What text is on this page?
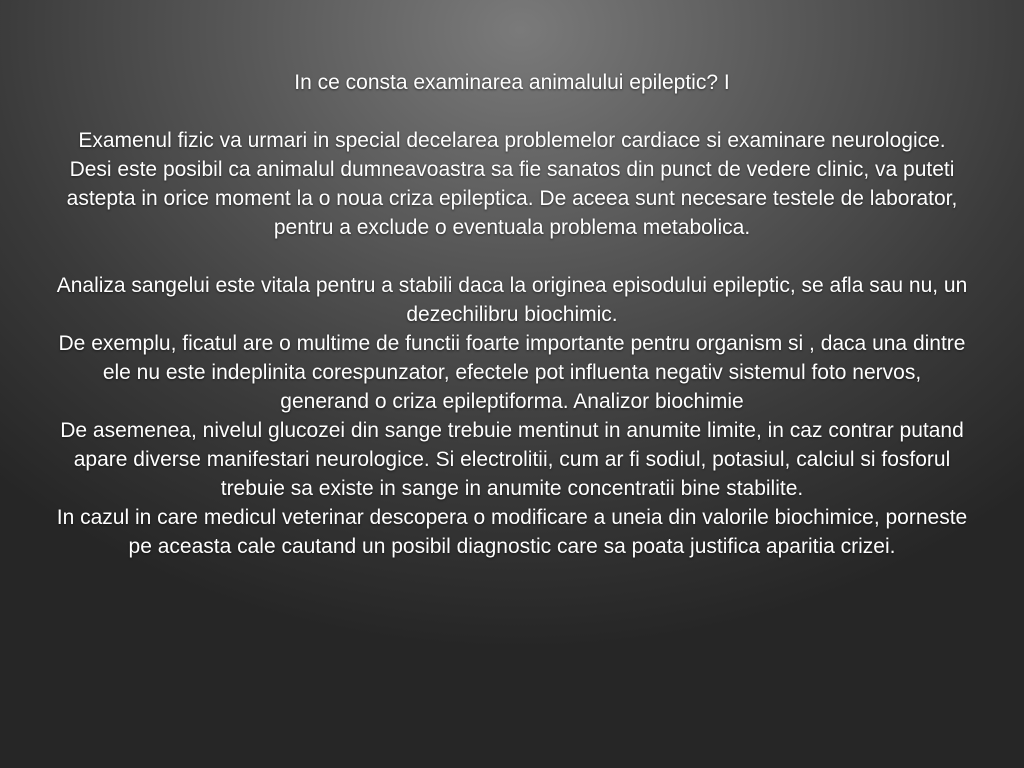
In ce consta examinarea animalului epileptic? I

Examenul fizic va urmari in special decelarea problemelor cardiace si examinare neurologice. Desi este posibil ca animalul dumneavoastra sa fie sanatos din punct de vedere clinic, va puteti astepta in orice moment la o noua criza epileptica. De aceea sunt necesare testele de laborator, pentru a exclude o eventuala problema metabolica.

Analiza sangelui este vitala pentru a stabili daca la originea episodului epileptic, se afla sau nu, un dezechilibru biochimic.

De exemplu, ficatul are o multime de functii foarte importante pentru organism si , daca una dintre ele nu este indeplinita corespunzator, efectele pot influenta negativ sistemul foto nervos, generand o criza epileptiforma. Analizor biochimie

De asemenea, nivelul glucozei din sange trebuie mentinut in anumite limite, in caz contrar putand apare diverse manifestari neurologice. Si electrolitii, cum ar fi sodiul, potasiul, calciul si fosforul trebuie sa existe in sange in anumite concentratii bine stabilite.

In cazul in care medicul veterinar descopera o modificare a uneia din valorile biochimice, porneste pe aceasta cale cautand un posibil diagnostic care sa poata justifica aparitia crizei.
